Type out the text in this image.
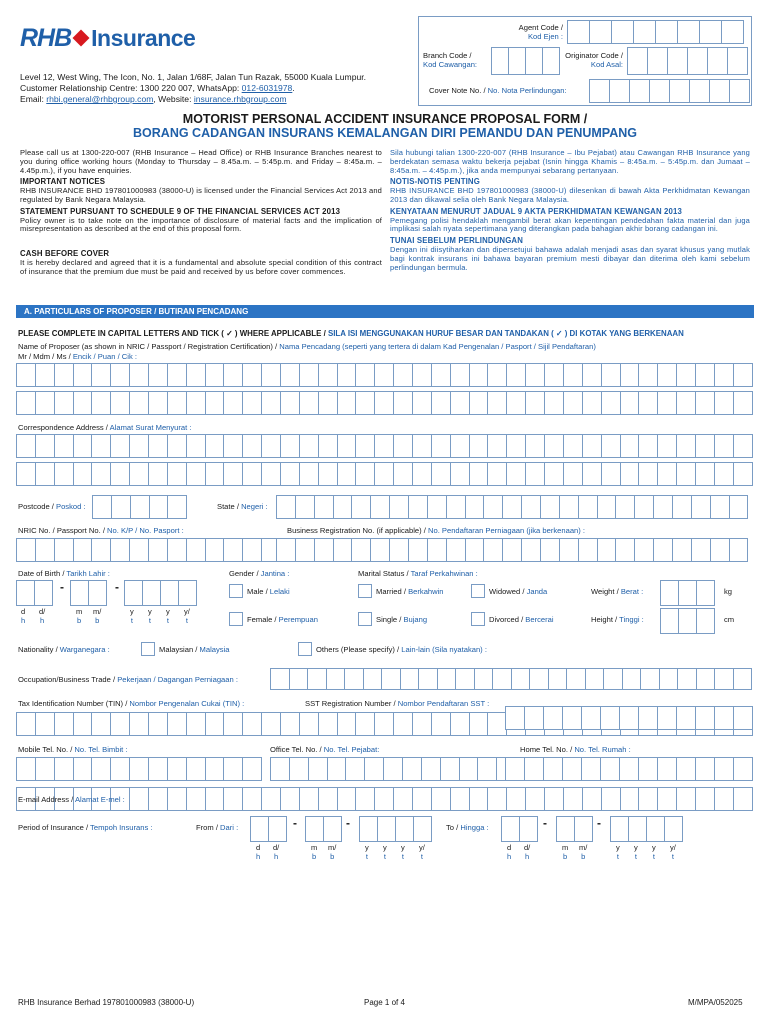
RHB Insurance
Level 12, West Wing, The Icon, No. 1, Jalan 1/68F, Jalan Tun Razak, 55000 Kuala Lumpur.
Customer Relationship Centre: 1300 220 007, WhatsApp: 012-6031978.
Email: rhbi.general@rhbgroup.com, Website: insurance.rhbgroup.com
Agent Code /
Kod Ejen :
Branch Code /
Kod Cawangan:
Originator Code /
Kod Asal:
Cover Note No. / No. Nota Perlindungan:
MOTORIST PERSONAL ACCIDENT INSURANCE PROPOSAL FORM /
BORANG CADANGAN INSURANS KEMALANGAN DIRI PEMANDU DAN PENUMPANG
Please call us at 1300-220-007 (RHB Insurance – Head Office) or RHB Insurance Branches nearest to you during office working hours (Monday to Thursday – 8.45a.m. – 5:45p.m. and Friday – 8:45a.m. – 4.45p.m.), if you have enquiries.
IMPORTANT NOTICES
RHB INSURANCE BHD 197801000983 (38000-U) is licensed under the Financial Services Act 2013 and regulated by Bank Negara Malaysia.
STATEMENT PURSUANT TO SCHEDULE 9 OF THE FINANCIAL SERVICES ACT 2013
Policy owner is to take note on the importance of disclosure of material facts and the implication of misrepresentation as described at the end of this proposal form.
CASH BEFORE COVER
It is hereby declared and agreed that it is a fundamental and absolute special condition of this contract of insurance that the premium due must be paid and received by us before cover commences.
Sila hubungi talian 1300-220-007 (RHB Insurance – Ibu Pejabat) atau Cawangan RHB Insurance yang berdekatan semasa waktu bekerja pejabat (Isnin hingga Khamis – 8:45a.m. – 5:45p.m. dan Jumaat – 8:45a.m. – 4:45p.m.), jika anda mempunyai sebarang pertanyaan.
NOTIS-NOTIS PENTING
RHB INSURANCE BHD 197801000983 (38000-U) dilesenkan di bawah Akta Perkhidmatan Kewangan 2013 dan dikawal selia oleh Bank Negara Malaysia.
KENYATAAN MENURUT JADUAL 9 AKTA PERKHIDMATAN KEWANGAN 2013
Pemegang polisi hendaklah mengambil berat akan kepentingan pendedahan fakta material dan juga implikasi salah nyata sepertimana yang diterangkan pada bahagian akhir borang cadangan ini.
TUNAI SEBELUM PERLINDUNGAN
Dengan ini diisytiharkan dan dipersetujui bahawa adalah menjadi asas dan syarat khusus yang mutlak bagi kontrak insurans ini bahawa bayaran premium mesti dibayar dan diterima oleh kami sebelum perlindungan bermula.
A. PARTICULARS OF PROPOSER / BUTIRAN PENCADANG
PLEASE COMPLETE IN CAPITAL LETTERS AND TICK ( ✓ ) WHERE APPLICABLE / SILA ISI MENGGUNAKAN HURUF BESAR DAN TANDAKAN ( ✓ ) DI KOTAK YANG BERKENAAN
Name of Proposer (as shown in NRIC / Passport / Registration Certification) / Nama Pencadang (seperti yang tertera di dalam Kad Pengenalan / Pasport / Sijil Pendaftaran)
Mr / Mdm / Ms / Encik / Puan / Cik :
Correspondence Address / Alamat Surat Menyurat :
Postcode / Poskod :	State / Negeri :
NRIC No. / Passport No. / No. K/P / No. Pasport :	Business Registration No. (if applicable) / No. Pendaftaran Perniagaan (jika berkenaan) :
Date of Birth / Tarikh Lahir :	Gender / Jantina :	Marital Status / Taraf Perkahwinan :
-	-
d
h
d/
h
m
b
m/
b
y
t
y
t
y
t
y/
t
Male / Lelaki
Female / Perempuan
Married / Berkahwin
Single / Bujang
Widowed / Janda
Divorced / Bercerai
Weight / Berat :	kg
Height / Tinggi :	cm
Nationality / Warganegara :	Malaysian / Malaysia	Others (Please specify) / Lain-lain (Sila nyatakan) :
Occupation/Business Trade / Pekerjaan / Dagangan Perniagaan :
Tax Identification Number (TIN) / Nombor Pengenalan Cukai (TIN) :	SST Registration Number / Nombor Pendaftaran SST :
Mobile Tel. No. / No. Tel. Bimbit :	Office Tel. No. / No. Tel. Pejabat:	Home Tel. No. / No. Tel. Rumah :
E-mail Address / Alamat E-mel :
Period of Insurance / Tempoh Insurans :	From / Dari :	To / Hingga :
-	-	-	-
d
h
d/
h
m
b
m/
b
y
t
y
t
y
t
y/
t
d
h
d/
h
m
b
m/
b
y
t
y
t
y
t
y/
t
RHB Insurance Berhad 197801000983 (38000-U)	Page 1 of 4	M/MPA/052025
